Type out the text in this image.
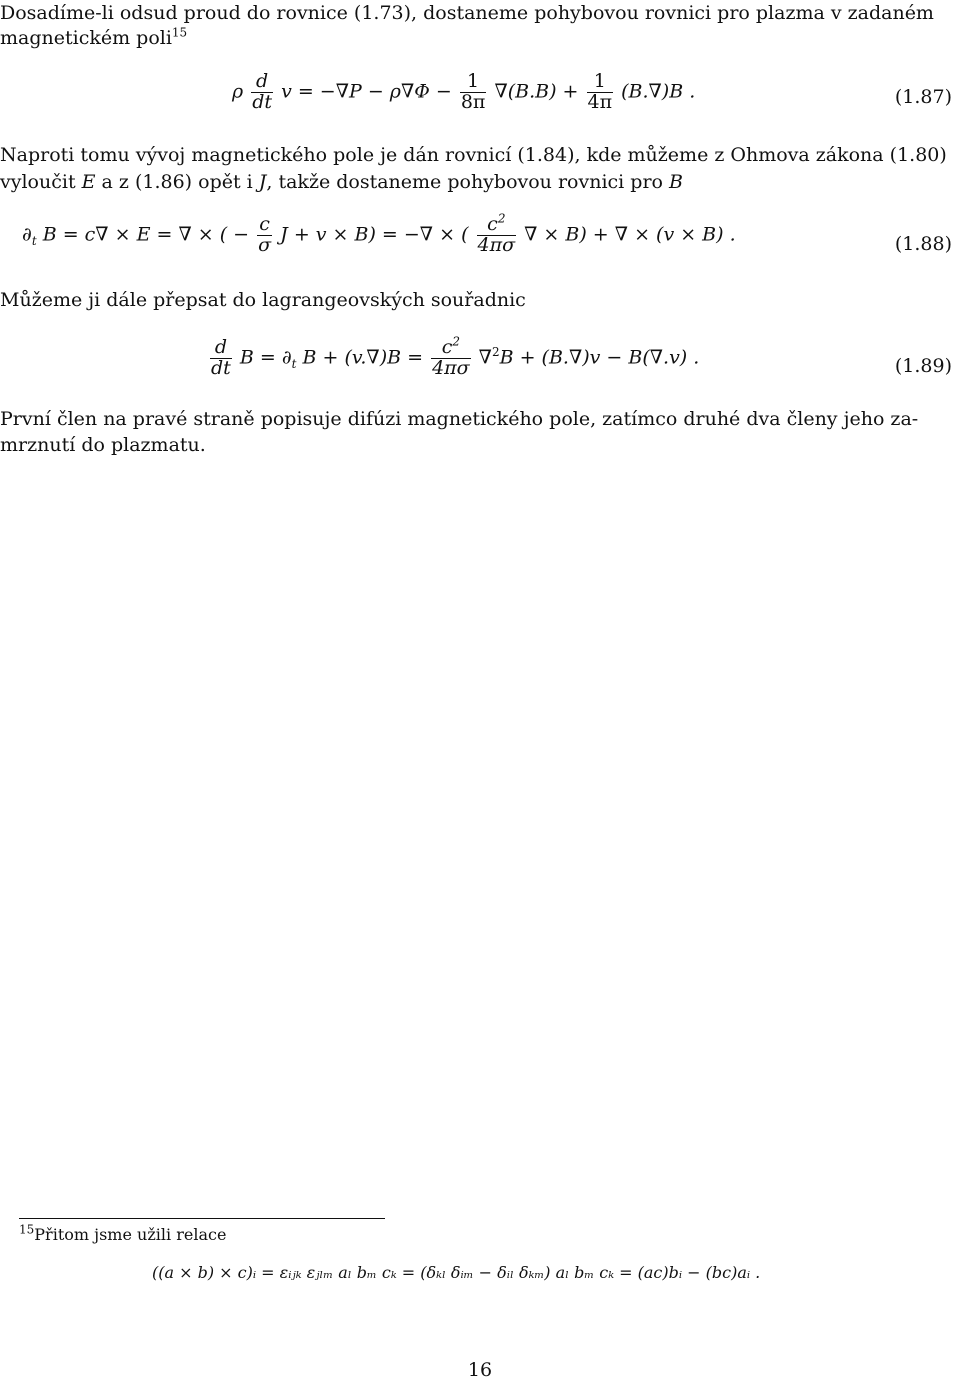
Dosadíme-li odsud proud do rovnice (1.73), dostaneme pohybovou rovnici pro plazma v zadaném
magnetickém poli$^{15}$
ρ $\frac{d}{dt}$ $v = -\nabla P - \rho\nabla\Phi - \frac{1}{8\pi} \nabla(B.B) + \frac{1}{4\pi} (B.\nabla)B$ .	(1.87)
Naproti tomu vývoj magnetického pole je dán rovnicí (1.84), kde můžeme z Ohmova zákona (1.80)
vyloučit E a z (1.86) opět i J, takže dostaneme pohybovou rovnici pro B
$\partial_t$ B = c∇ × E = ∇ × ( − $\frac{c}{\sigma}$ J + v × B) = −∇ × ( $\frac{c^2}{4\pi\sigma}$ ∇ × B) + ∇ × (v × B) .	(1.88)
Můžeme ji dále přepsat do lagrangeovských souřadnic
$\frac{d}{dt}$ $B = \partial_t$ $B + (v.\nabla)B = \frac{c^2}{4\pi\sigma} \nabla^2B + (B.\nabla)v - B(\nabla.v)$ .	(1.89)
První člen na pravé straně popisuje difúzi magnetického pole, zatímco druhé dva členy jeho za-
mrznutí do plazmatu.
$^{15}$Přitom jsme užili relace
((a × b) × c)ᵢ = εᵢⱼₖ εⱼₗₘ aₗ bₘ cₖ = (δₖₗ δᵢₘ − δᵢₗ δₖₘ) aₗ bₘ cₖ = (ac)bᵢ − (bc)aᵢ .
16
